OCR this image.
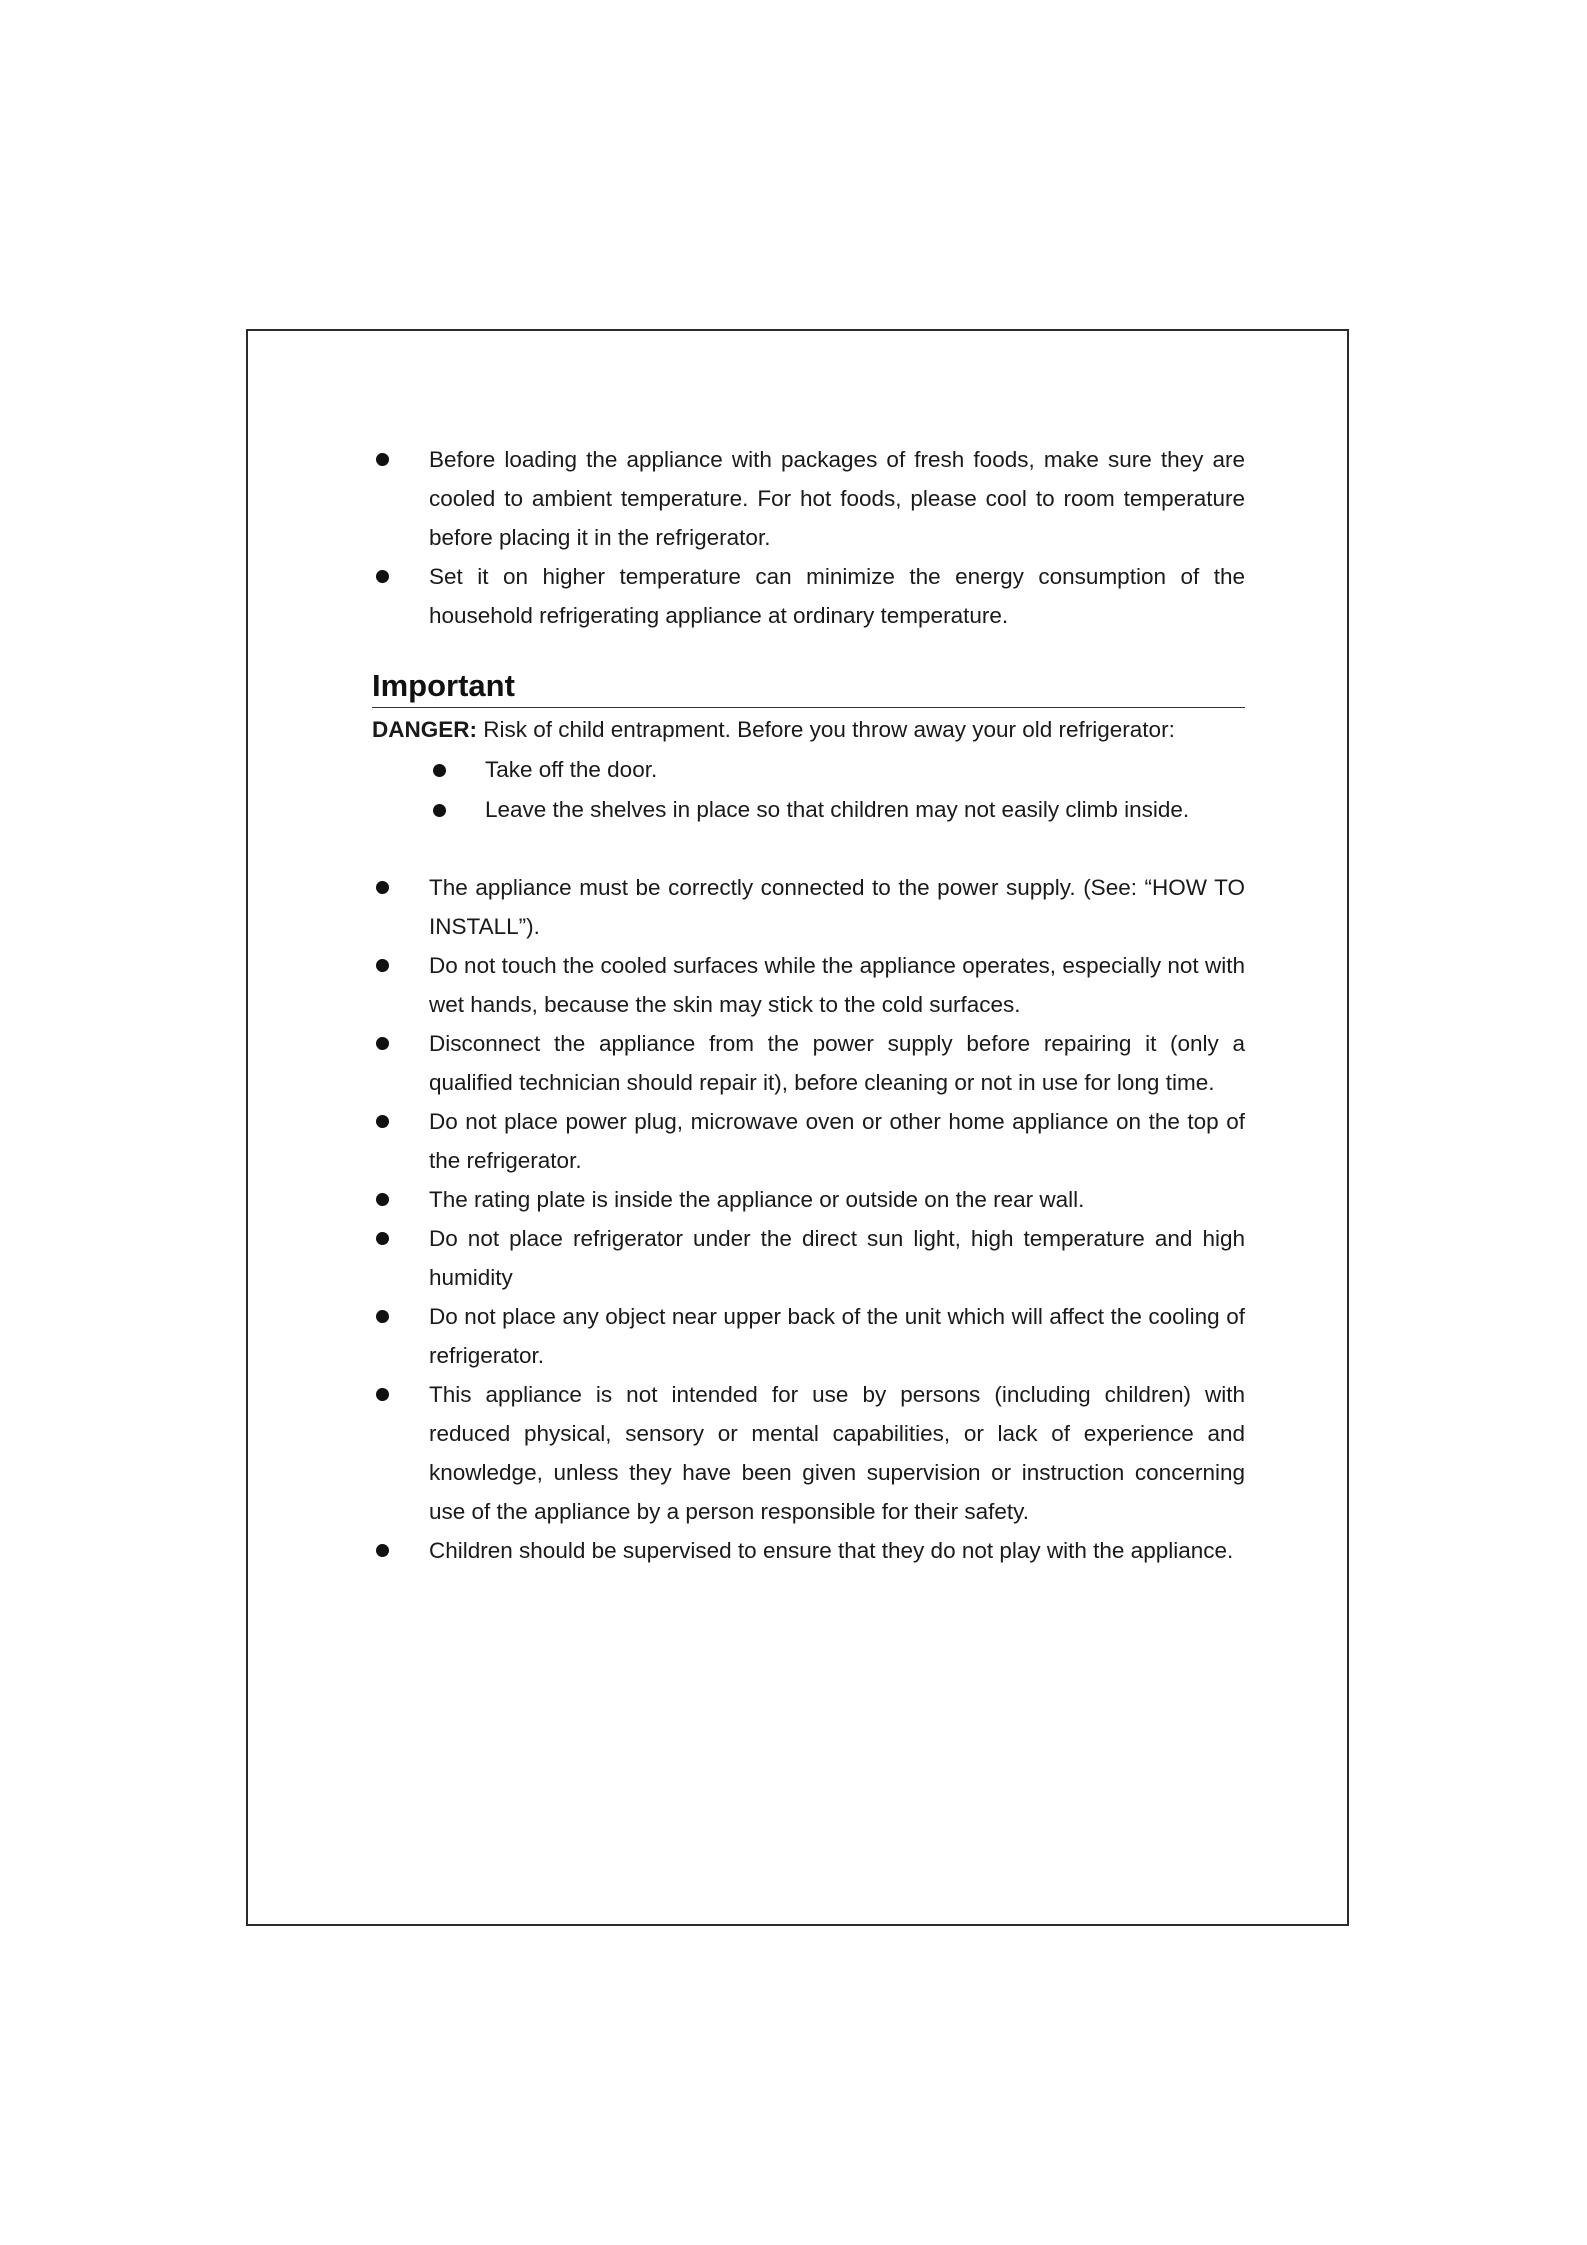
Before loading the appliance with packages of fresh foods, make sure they are cooled to ambient temperature. For hot foods, please cool to room temperature before placing it in the refrigerator.
Set it on higher temperature can minimize the energy consumption of the household refrigerating appliance at ordinary temperature.
Important
DANGER: Risk of child entrapment. Before you throw away your old refrigerator:
Take off the door.
Leave the shelves in place so that children may not easily climb inside.
The appliance must be correctly connected to the power supply. (See: “HOW TO INSTALL”).
Do not touch the cooled surfaces while the appliance operates, especially not with wet hands, because the skin may stick to the cold surfaces.
Disconnect the appliance from the power supply before repairing it (only a qualified technician should repair it), before cleaning or not in use for long time.
Do not place power plug, microwave oven or other home appliance on the top of the refrigerator.
The rating plate is inside the appliance or outside on the rear wall.
Do not place refrigerator under the direct sun light, high temperature and high humidity
Do not place any object near upper back of the unit which will affect the cooling of refrigerator.
This appliance is not intended for use by persons (including children) with reduced physical, sensory or mental capabilities, or lack of experience and knowledge, unless they have been given supervision or instruction concerning use of the appliance by a person responsible for their safety.
Children should be supervised to ensure that they do not play with the appliance.
